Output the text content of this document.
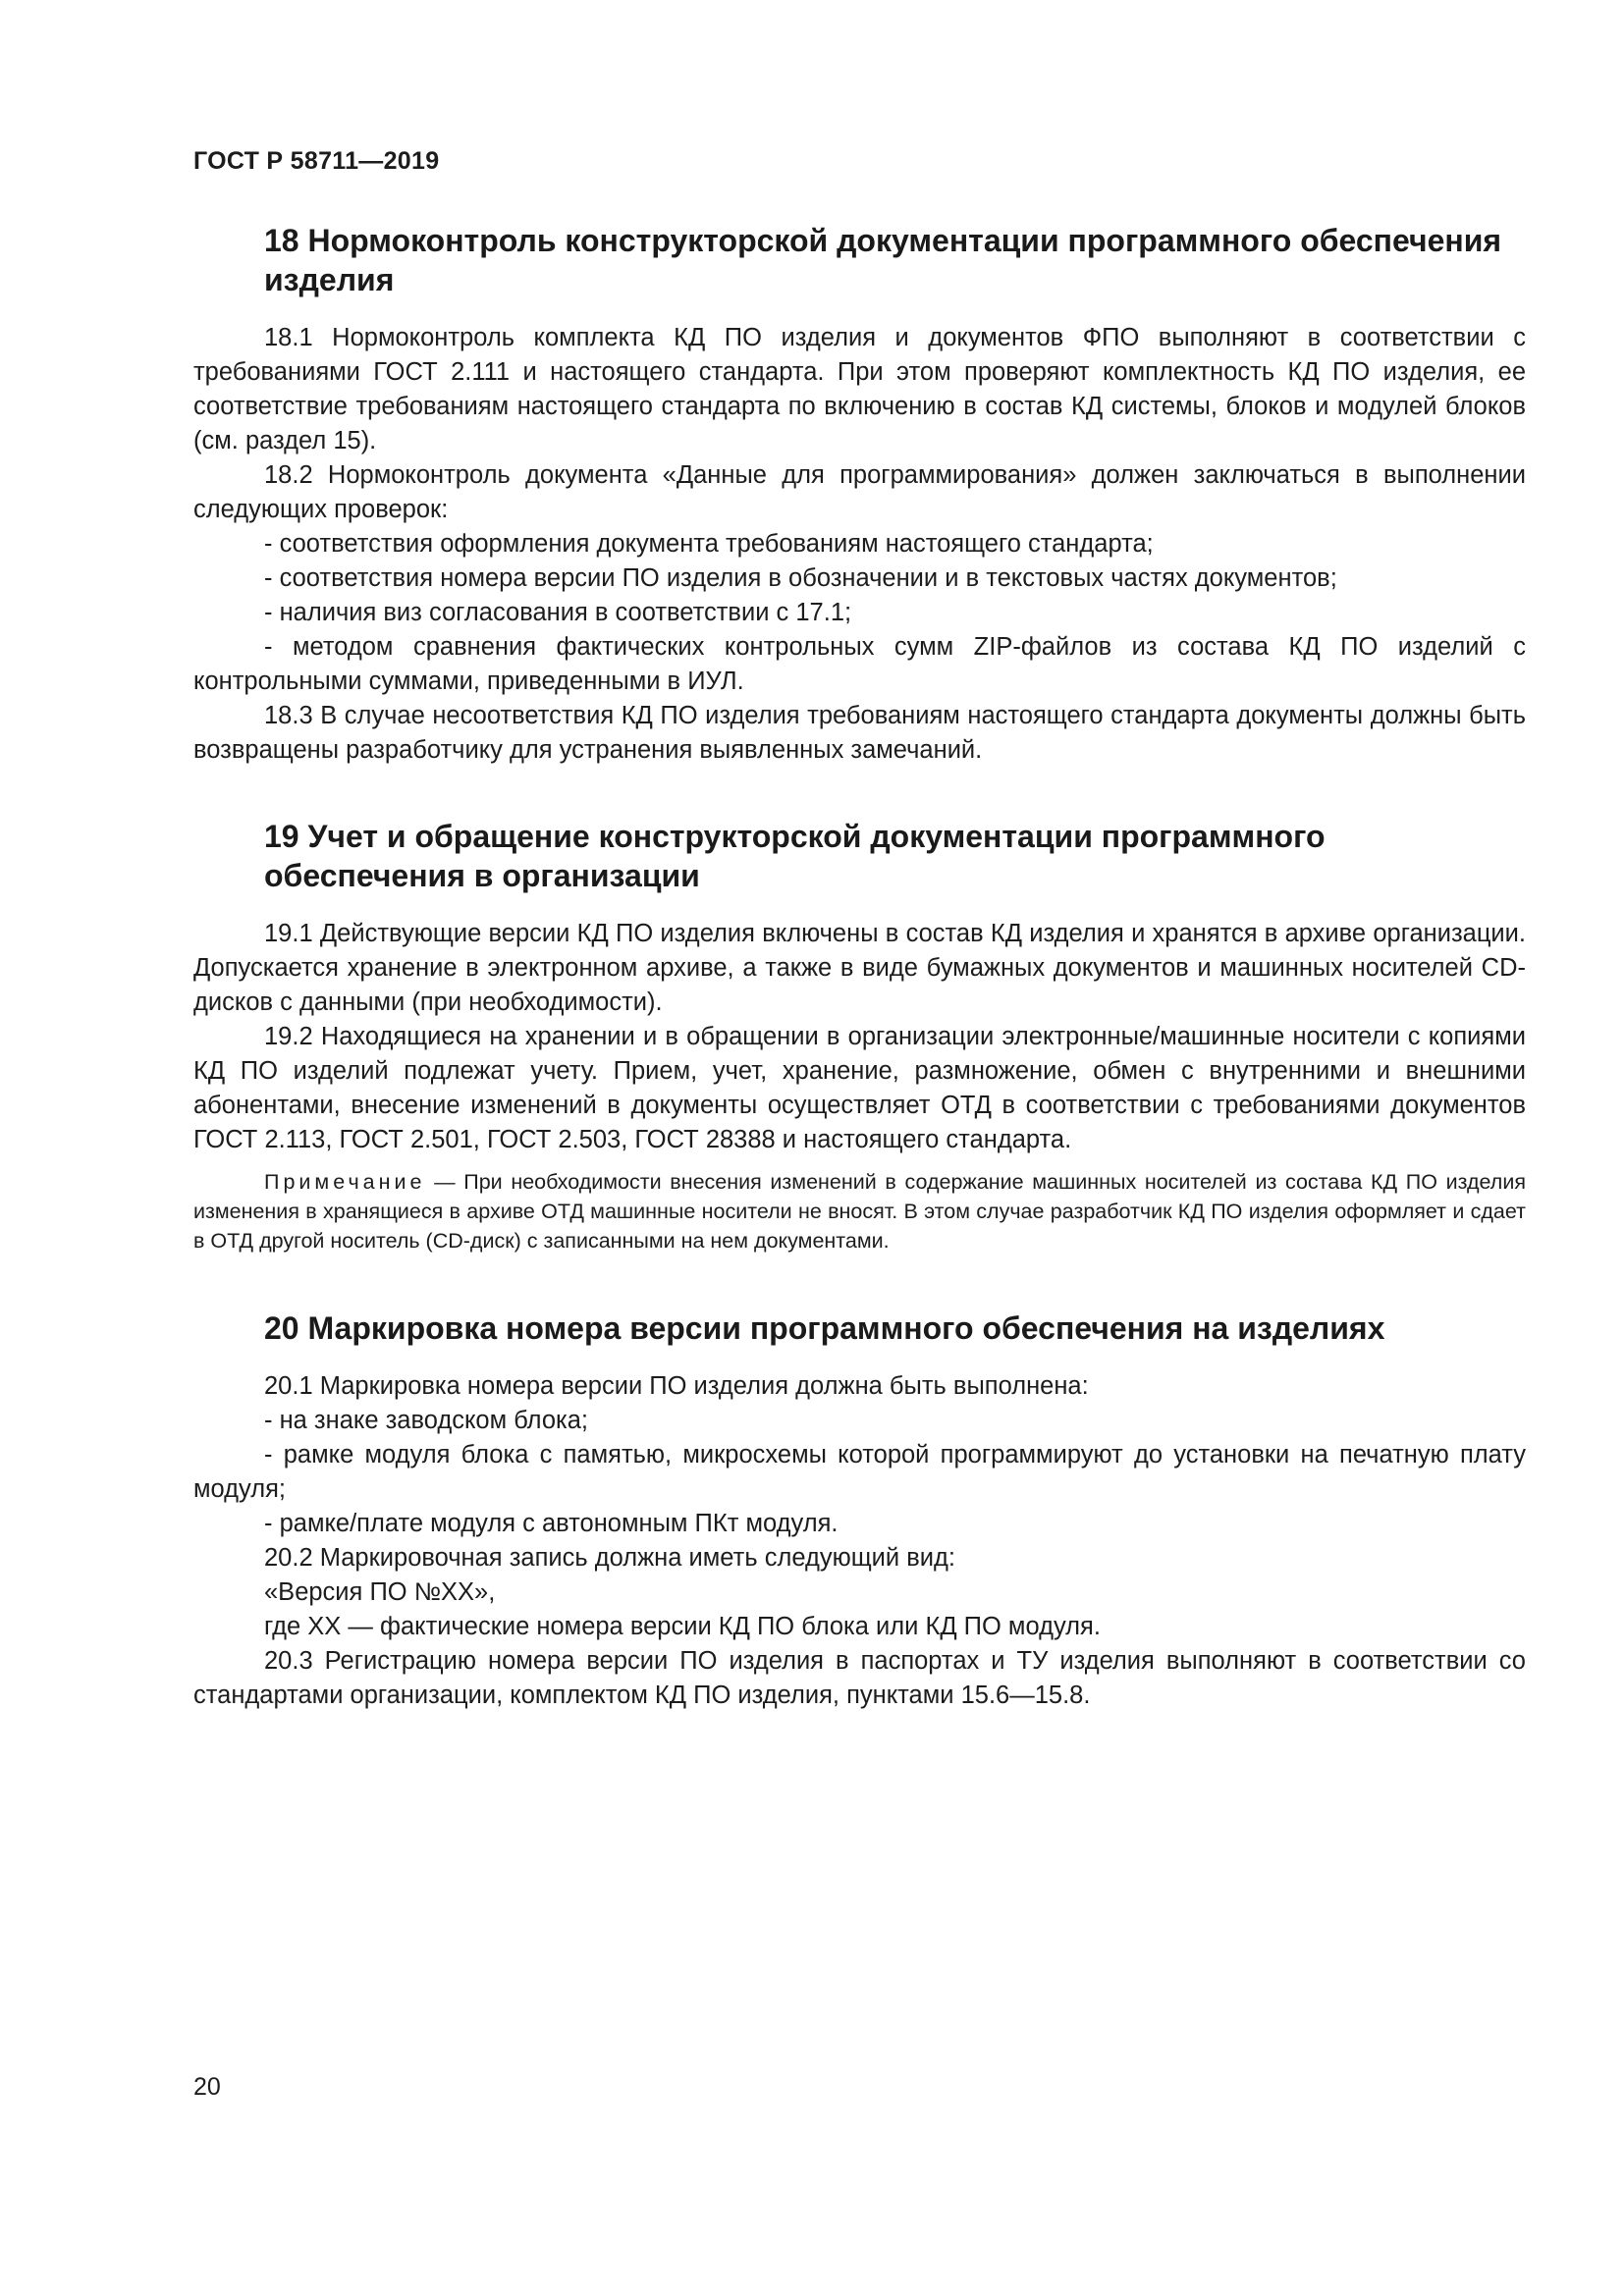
ГОСТ Р 58711—2019
18 Нормоконтроль конструкторской документации программного обеспечения изделия

18.1 Нормоконтроль комплекта КД ПО изделия и документов ФПО выполняют в соответствии с требованиями ГОСТ 2.111 и настоящего стандарта. При этом проверяют комплектность КД ПО изделия, ее соответствие требованиям настоящего стандарта по включению в состав КД системы, блоков и модулей блоков (см. раздел 15).

18.2 Нормоконтроль документа «Данные для программирования» должен заключаться в выполнении следующих проверок:

- соответствия оформления документа требованиям настоящего стандарта;

- соответствия номера версии ПО изделия в обозначении и в текстовых частях документов;

- наличия виз согласования в соответствии с 17.1;

- методом сравнения фактических контрольных сумм ZIP-файлов из состава КД ПО изделий с контрольными суммами, приведенными в ИУЛ.

18.3 В случае несоответствия КД ПО изделия требованиям настоящего стандарта документы должны быть возвращены разработчику для устранения выявленных замечаний.

19 Учет и обращение конструкторской документации программного обеспечения в организации

19.1 Действующие версии КД ПО изделия включены в состав КД изделия и хранятся в архиве организации. Допускается хранение в электронном архиве, а также в виде бумажных документов и машинных носителей CD-дисков с данными (при необходимости).

19.2 Находящиеся на хранении и в обращении в организации электронные/машинные носители с копиями КД ПО изделий подлежат учету. Прием, учет, хранение, размножение, обмен с внутренними и внешними абонентами, внесение изменений в документы осуществляет ОТД в соответствии с требованиями документов ГОСТ 2.113, ГОСТ 2.501, ГОСТ 2.503, ГОСТ 28388 и настоящего стандарта.

Примечание — При необходимости внесения изменений в содержание машинных носителей из состава КД ПО изделия изменения в хранящиеся в архиве ОТД машинные носители не вносят. В этом случае разработчик КД ПО изделия оформляет и сдает в ОТД другой носитель (CD-диск) с записанными на нем документами.

20 Маркировка номера версии программного обеспечения на изделиях

20.1 Маркировка номера версии ПО изделия должна быть выполнена:

- на знаке заводском блока;

- рамке модуля блока с памятью, микросхемы которой программируют до установки на печатную плату модуля;

- рамке/плате модуля с автономным ПКт модуля.

20.2 Маркировочная запись должна иметь следующий вид:

«Версия ПО №XX»,

где XX — фактические номера версии КД ПО блока или КД ПО модуля.

20.3 Регистрацию номера версии ПО изделия в паспортах и ТУ изделия выполняют в соответствии со стандартами организации, комплектом КД ПО изделия, пунктами 15.6—15.8.

20
